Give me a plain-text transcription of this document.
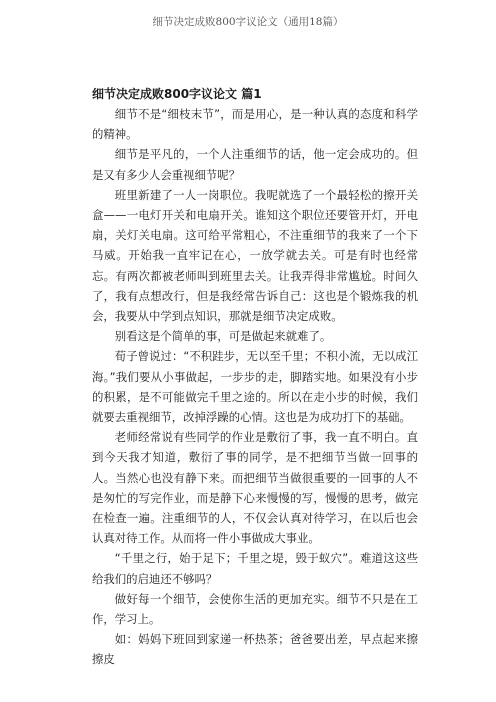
细节决定成败800字议论文（通用18篇）

细节决定成败800字议论文 篇1

细节不是“细枝末节”，而是用心，是一种认真的态度和科学的精神。

细节是平凡的，一个人注重细节的话，他一定会成功的。但是又有多少人会重视细节呢？

班里新建了一人一岗职位。我呢就选了一个最轻松的擦开关盒——一电灯开关和电扇开关。谁知这个职位还要管开灯，开电扇，关灯关电扇。这可给平常粗心，不注重细节的我来了一个下马威。开始我一直牢记在心，一放学就去关。可是有时也经常忘。有两次都被老师叫到班里去关。让我弄得非常尴尬。时间久了，我有点想改行，但是我经常告诉自己：这也是个锻炼我的机会，我要从中学到点知识，那就是细节决定成败。

别看这是个简单的事，可是做起来就难了。

荀子曾说过：“不积跬步，无以至千里；不积小流，无以成江海。”我们要从小事做起，一步步的走，脚踏实地。如果没有小步的积累，是不可能做完千里之途的。所以在走小步的时候，我们就要去重视细节，改掉浮躁的心情。这也是为成功打下的基础。

老师经常说有些同学的作业是敷衍了事，我一直不明白。直到今天我才知道，敷衍了事的同学，是不把细节当做一回事的人。当然心也没有静下来。而把细节当做很重要的一回事的人不是匆忙的写完作业，而是静下心来慢慢的写，慢慢的思考，做完在检查一遍。注重细节的人，不仅会认真对待学习，在以后也会认真对待工作。从而将一件小事做成大事业。

“千里之行，始于足下；千里之堤，毁于蚁穴”。难道这这些给我们的启迪还不够吗？

做好每一个细节，会使你生活的更加充实。细节不只是在工作，学习上。

如：妈妈下班回到家递一杯热茶；爸爸要出差，早点起来擦擦皮
